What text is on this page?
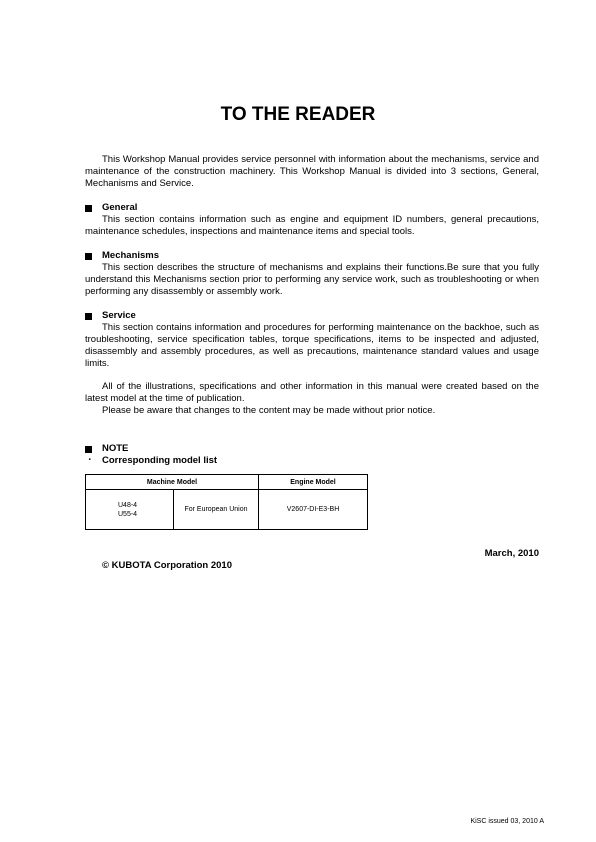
TO THE READER

This Workshop Manual provides service personnel with information about the mechanisms, service and maintenance of the construction machinery. This Workshop Manual is divided into 3 sections, General, Mechanisms and Service.

General

This section contains information such as engine and equipment ID numbers, general precautions, maintenance schedules, inspections and maintenance items and special tools.

Mechanisms

This section describes the structure of mechanisms and explains their functions.Be sure that you fully understand this Mechanisms section prior to performing any service work, such as troubleshooting or when performing any disassembly or assembly work.

Service

This section contains information and procedures for performing maintenance on the backhoe, such as troubleshooting, service specification tables, torque specifications, items to be inspected and adjusted, disassembly and assembly procedures, as well as precautions, maintenance standard values and usage limits.

All of the illustrations, specifications and other information in this manual were created based on the latest model at the time of publication.

Please be aware that changes to the content may be made without prior notice.

NOTE

・ Corresponding model list

Machine Model		Engine Model
U48-4
U55-4	For European Union	V2607-DI-E3-BH
March, 2010
© KUBOTA Corporation 2010
KiSC issued 03, 2010 A
